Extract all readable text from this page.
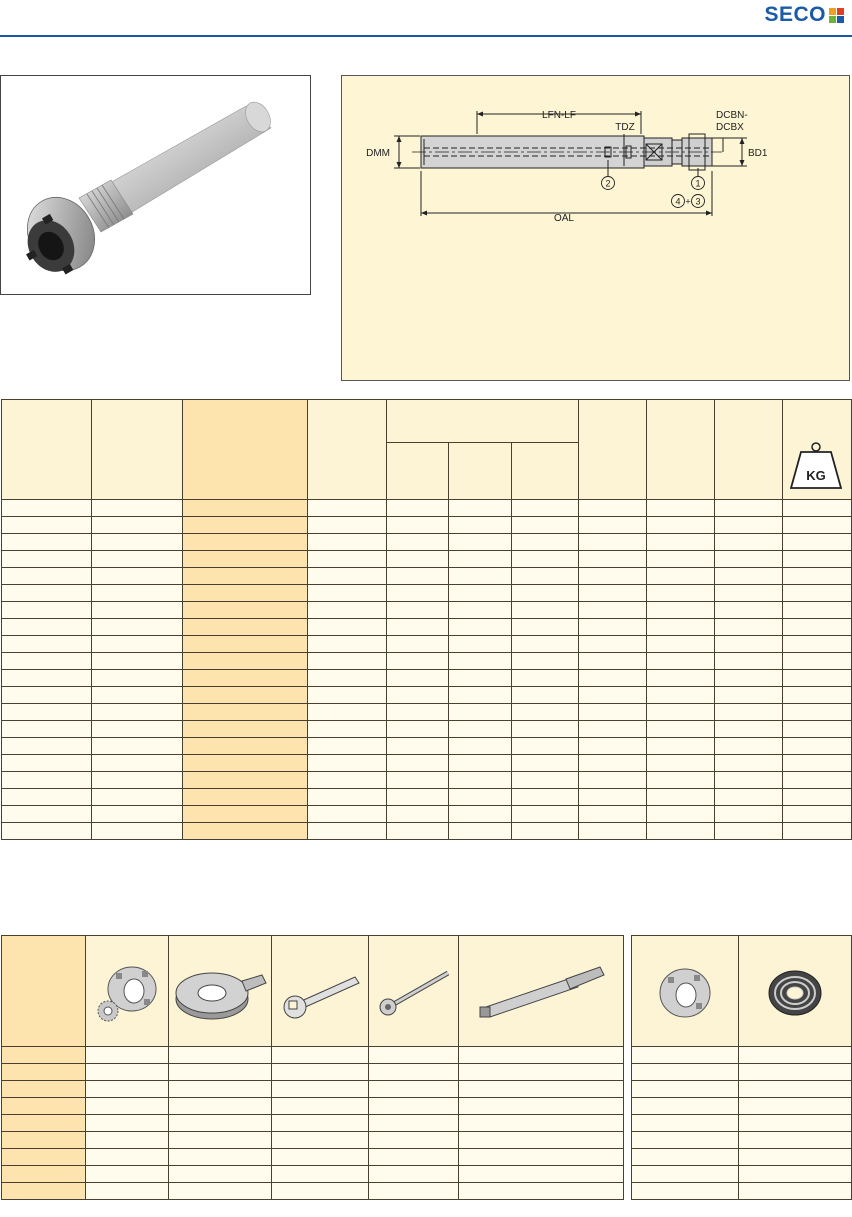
SECO
LFN-LF
TDZ
DCBN-
DCBX
DMM	BD1
OAL
2	1
4 + 3

KG
